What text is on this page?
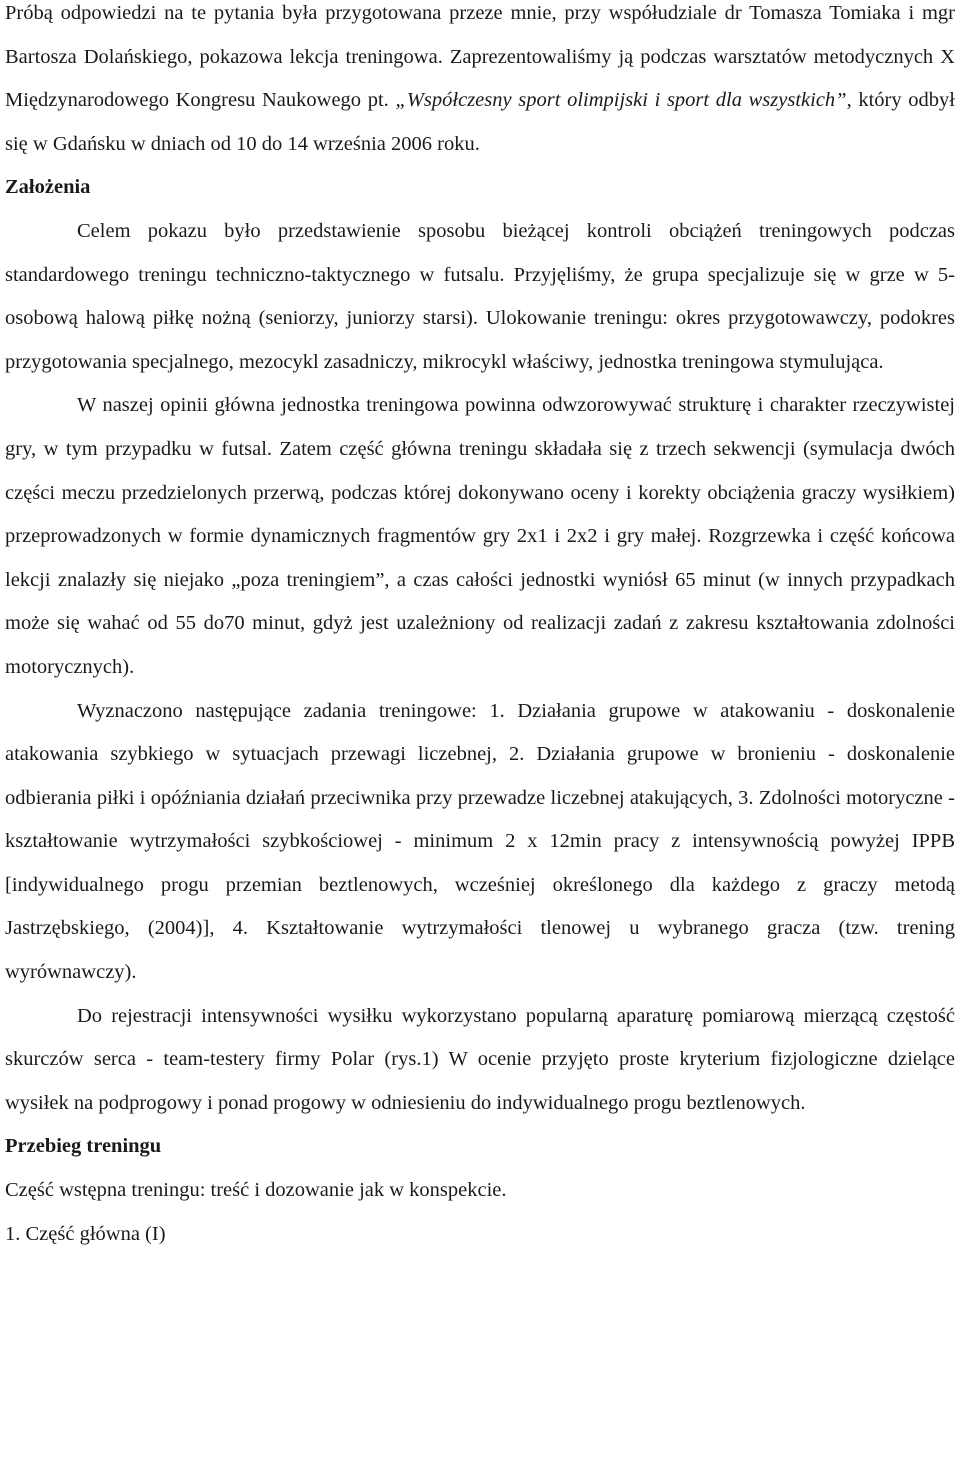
Próbą odpowiedzi na te pytania była przygotowana przeze mnie, przy współudziale dr Tomasza Tomiaka i mgr Bartosza Dolańskiego, pokazowa lekcja treningowa. Zaprezentowaliśmy ją podczas warsztatów metodycznych X Międzynarodowego Kongresu Naukowego pt. „Współczesny sport olimpijski i sport dla wszystkich”, który odbył się w Gdańsku w dniach od 10 do 14 września 2006 roku.

Założenia

Celem pokazu było przedstawienie sposobu bieżącej kontroli obciążeń treningowych podczas standardowego treningu techniczno-taktycznego w futsalu. Przyjęliśmy, że grupa specjalizuje się w grze w 5-osobową halową piłkę nożną (seniorzy, juniorzy starsi). Ulokowanie treningu: okres przygotowawczy, podokres przygotowania specjalnego, mezocykl zasadniczy, mikrocykl właściwy, jednostka treningowa stymulująca.

W naszej opinii główna jednostka treningowa powinna odwzorowywać strukturę i charakter rzeczywistej gry, w tym przypadku w futsal. Zatem część główna treningu składała się z trzech sekwencji (symulacja dwóch części meczu przedzielonych przerwą, podczas której dokonywano oceny i korekty obciążenia graczy wysiłkiem) przeprowadzonych w formie dynamicznych fragmentów gry 2x1 i 2x2 i gry małej. Rozgrzewka i część końcowa lekcji znalazły się niejako „poza treningiem”, a czas całości jednostki wyniósł 65 minut (w innych przypadkach może się wahać od 55 do70 minut, gdyż jest uzależniony od realizacji zadań z zakresu kształtowania zdolności motorycznych).

Wyznaczono następujące zadania treningowe: 1. Działania grupowe w atakowaniu - doskonalenie atakowania szybkiego w sytuacjach przewagi liczebnej, 2. Działania grupowe w bronieniu - doskonalenie odbierania piłki i opóźniania działań przeciwnika przy przewadze liczebnej atakujących, 3. Zdolności motoryczne - kształtowanie wytrzymałości szybkościowej - minimum 2 x 12min pracy z intensywnością powyżej IPPB [indywidualnego progu przemian beztlenowych, wcześniej określonego dla każdego z graczy metodą Jastrzębskiego, (2004)], 4. Kształtowanie wytrzymałości tlenowej u wybranego gracza (tzw. trening wyrównawczy).

Do rejestracji intensywności wysiłku wykorzystano popularną aparaturę pomiarową mierzącą częstość skurczów serca - team-testery firmy Polar (rys.1) W ocenie przyjęto proste kryterium fizjologiczne dzielące wysiłek na podprogowy i ponad progowy w odniesieniu do indywidualnego progu beztlenowych.

Przebieg treningu

Część wstępna treningu: treść i dozowanie jak w konspekcie.

1. Część główna (I)
